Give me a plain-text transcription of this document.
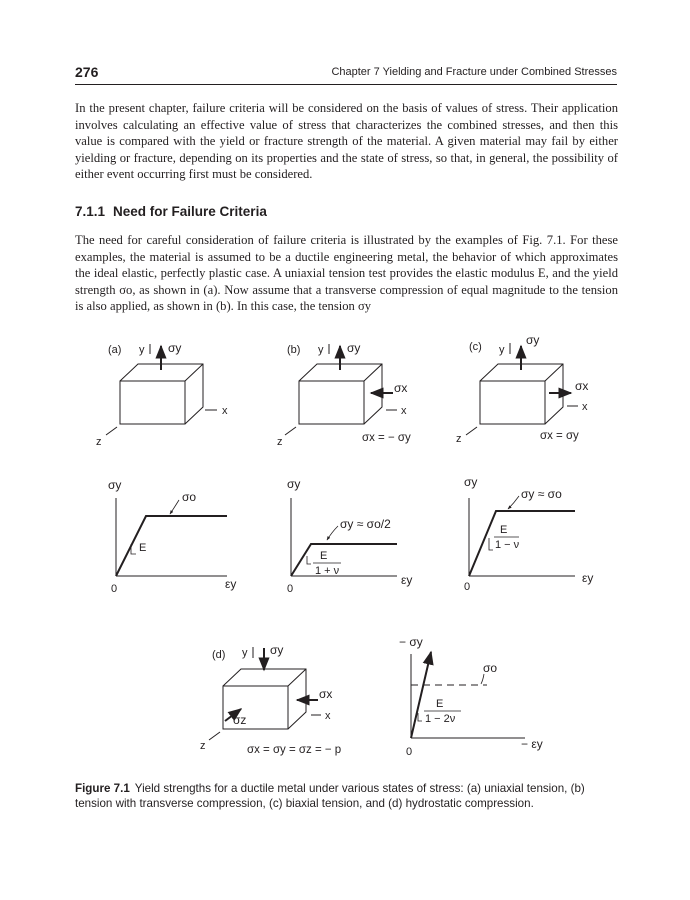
276	Chapter 7 Yielding and Fracture under Combined Stresses

In the present chapter, failure criteria will be considered on the basis of values of stress. Their application involves calculating an effective value of stress that characterizes the combined stresses, and then this value is compared with the yield or fracture strength of the material. A given material may fail by either yielding or fracture, depending on its properties and the state of stress, so that, in general, the possibility of either event occurring first must be considered.

7.1.1 Need for Failure Criteria

The need for careful consideration of failure criteria is illustrated by the examples of Fig. 7.1. For these examples, the material is assumed to be a ductile engineering metal, the behavior of which approximates the ideal elastic, perfectly plastic case. A uniaxial tension test provides the elastic modulus E, and the yield strength σo, as shown in (a). Now assume that a transverse compression of equal magnitude to the tension is also applied, as shown in (b). In this case, the tension σy

(a) y σy
x
z
(b) y σy
σx
x
z	σx = − σy
(c) y
σy
σx
x
z	σx = σy
σy
E
σo
0	εy
σy
E
1 + ν
σy ≈ σo/2
0
εy
σy
E
1 − ν
σy ≈ σo
0
εy
(d) y σy
σx
x
σz
z	σx = σy = σz = − p
− σy
σo
E
1 − 2ν
0
− εy

Figure 7.1 Yield strengths for a ductile metal under various states of stress: (a) uniaxial tension, (b) tension with transverse compression, (c) biaxial tension, and (d) hydrostatic compression.
